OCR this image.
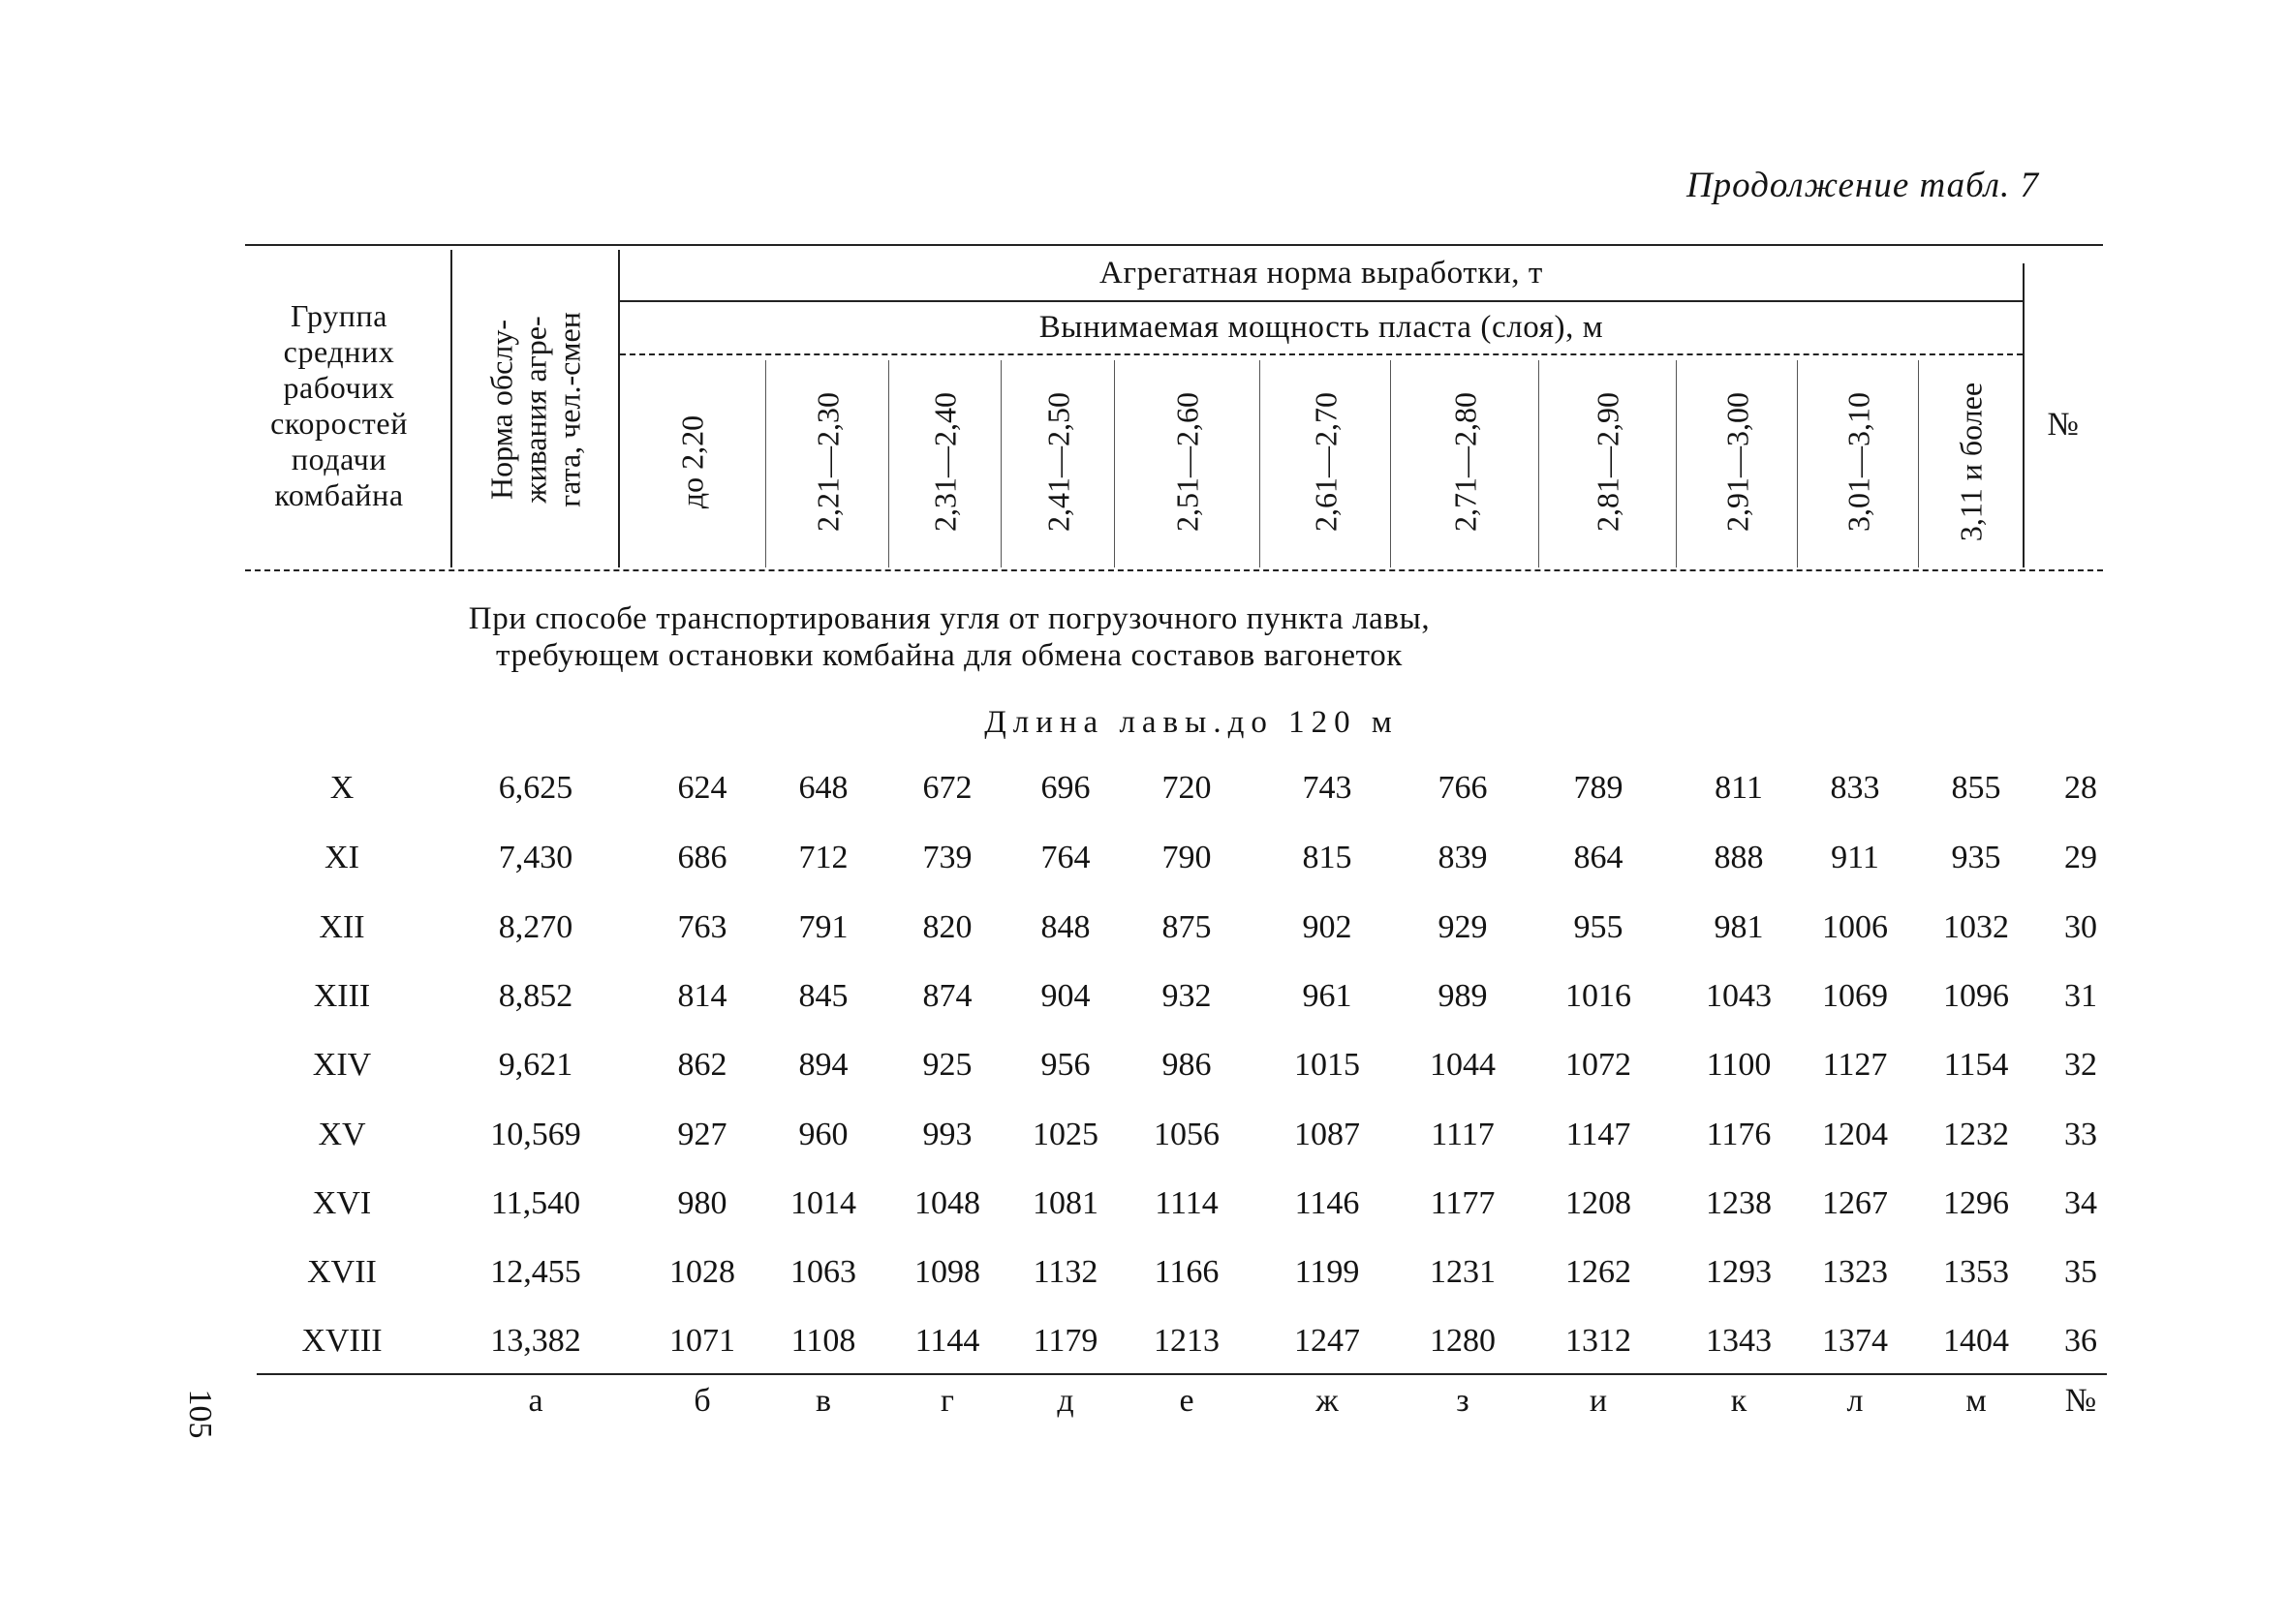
105
Продолжение табл. 7
Группа средних рабочих скоростей подачи комбайна	Норма обслу- живания агре- гата, чел.-смен
Агрегатная норма выработки, т
Вынимаемая мощность пласта (слоя), м
до 2,20	2,21—2,30	2,31—2,40	2,41—2,50	2,51—2,60	2,61—2,70	2,71—2,80	2,81—2,90	2,91—3,00	3,01—3,10	3,11 и более	№
При способе транспортирования угля от погрузочного пункта лавы,
требующем остановки комбайна для обмена составов вагонеток
Длина лавы.до 120 м
X	6,625	624	648	672	696	720	743	766	789	811	833	855	28
XI	7,430	686	712	739	764	790	815	839	864	888	911	935	29
XII	8,270	763	791	820	848	875	902	929	955	981	1006	1032	30
XIII	8,852	814	845	874	904	932	961	989	1016	1043	1069	1096	31
XIV	9,621	862	894	925	956	986	1015	1044	1072	1100	1127	1154	32
XV	10,569	927	960	993	1025	1056	1087	1117	1147	1176	1204	1232	33
XVI	11,540	980	1014	1048	1081	1114	1146	1177	1208	1238	1267	1296	34
XVII	12,455	1028	1063	1098	1132	1166	1199	1231	1262	1293	1323	1353	35
XVIII	13,382	1071	1108	1144	1179	1213	1247	1280	1312	1343	1374	1404	36
а	б	в	г	д	е	ж	з	и	к	л	м	№
